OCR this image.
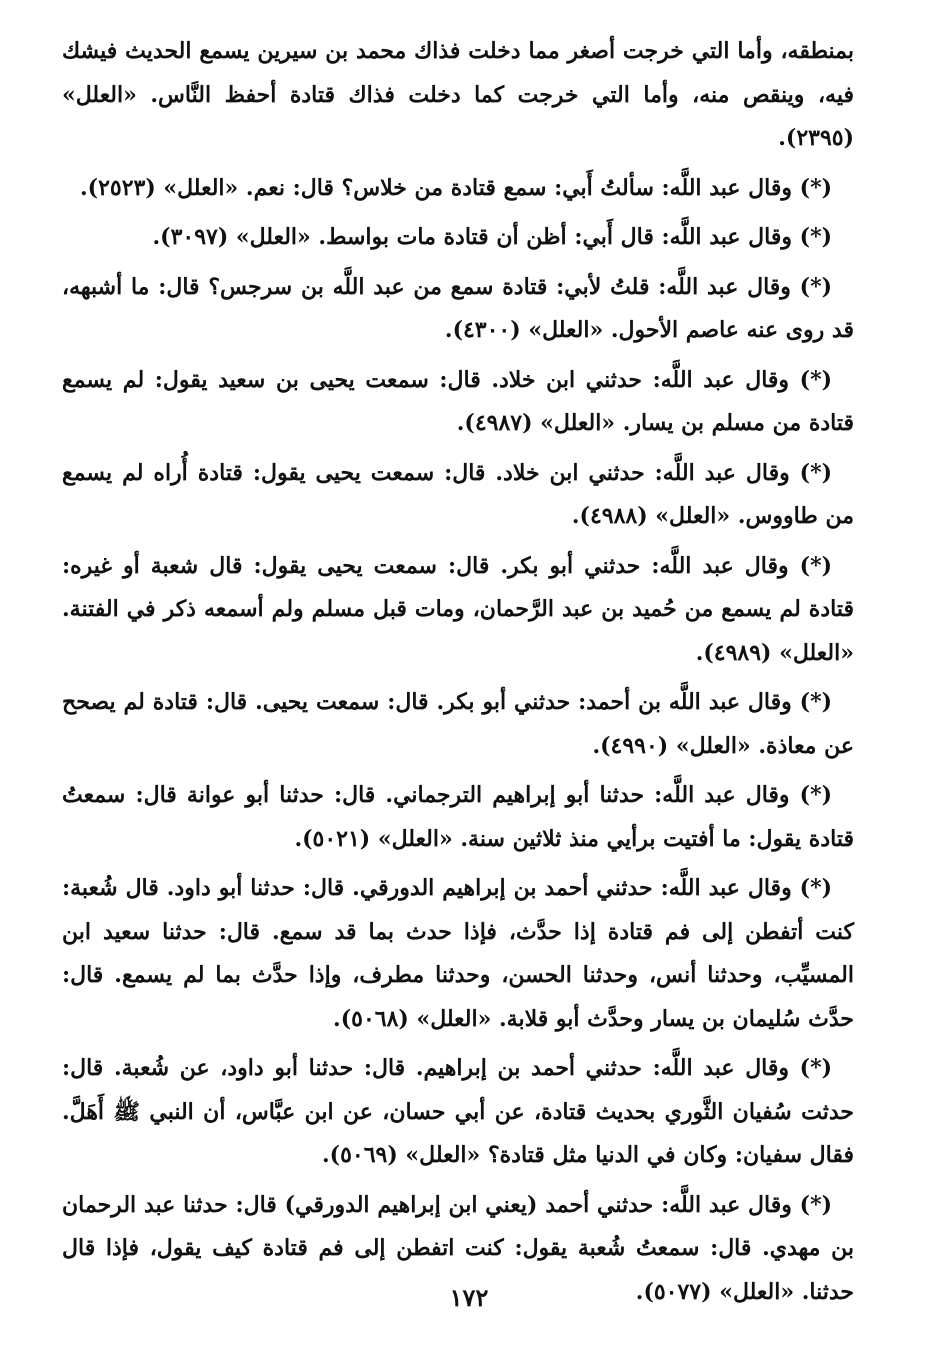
بمنطقه، وأما التي خرجت أصغر مما دخلت فذاك محمد بن سيرين يسمع الحديث فيشك فيه، وينقص منه، وأما التي خرجت كما دخلت فذاك قتادة أحفظ النَّاس. «العلل» (٢٣٩٥).

(*) وقال عبد اللَّه: سألتُ أَبي: سمع قتادة من خلاس؟ قال: نعم. «العلل» (٢٥٢٣).

(*) وقال عبد اللَّه: قال أَبي: أظن أن قتادة مات بواسط. «العلل» (٣٠٩٧).

(*) وقال عبد اللَّه: قلتُ لأبي: قتادة سمع من عبد اللَّه بن سرجس؟ قال: ما أشبهه، قد روى عنه عاصم الأحول. «العلل» (٤٣٠٠).

(*) وقال عبد اللَّه: حدثني ابن خلاد. قال: سمعت يحيى بن سعيد يقول: لم يسمع قتادة من مسلم بن يسار. «العلل» (٤٩٨٧).

(*) وقال عبد اللَّه: حدثني ابن خلاد. قال: سمعت يحيى يقول: قتادة أُراه لم يسمع من طاووس. «العلل» (٤٩٨٨).

(*) وقال عبد اللَّه: حدثني أبو بكر. قال: سمعت يحيى يقول: قال شعبة أو غيره: قتادة لم يسمع من حُميد بن عبد الرَّحمان، ومات قبل مسلم ولم أسمعه ذكر في الفتنة. «العلل» (٤٩٨٩).

(*) وقال عبد اللَّه بن أحمد: حدثني أبو بكر. قال: سمعت يحيى. قال: قتادة لم يصحح عن معاذة. «العلل» (٤٩٩٠).

(*) وقال عبد اللَّه: حدثنا أبو إبراهيم الترجماني. قال: حدثنا أبو عوانة قال: سمعتُ قتادة يقول: ما أفتيت برأيي منذ ثلاثين سنة. «العلل» (٥٠٢١).

(*) وقال عبد اللَّه: حدثني أحمد بن إبراهيم الدورقي. قال: حدثنا أبو داود. قال شُعبة: كنت أتفطن إلى فم قتادة إذا حدَّث، فإذا حدث بما قد سمع. قال: حدثنا سعيد ابن المسيِّب، وحدثنا أنس، وحدثنا الحسن، وحدثنا مطرف، وإذا حدَّث بما لم يسمع. قال: حدَّث سُليمان بن يسار وحدَّث أبو قلابة. «العلل» (٥٠٦٨).

(*) وقال عبد اللَّه: حدثني أحمد بن إبراهيم. قال: حدثنا أبو داود، عن شُعبة. قال: حدثت سُفيان الثَّوري بحديث قتادة، عن أبي حسان، عن ابن عبَّاس، أن النبي ﷺ أَهَلَّ. فقال سفيان: وكان في الدنيا مثل قتادة؟ «العلل» (٥٠٦٩).

(*) وقال عبد اللَّه: حدثني أحمد (يعني ابن إبراهيم الدورقي) قال: حدثنا عبد الرحمان بن مهدي. قال: سمعتُ شُعبة يقول: كنت اتفطن إلى فم قتادة كيف يقول، فإذا قال حدثنا. «العلل» (٥٠٧٧).

١٧٢
